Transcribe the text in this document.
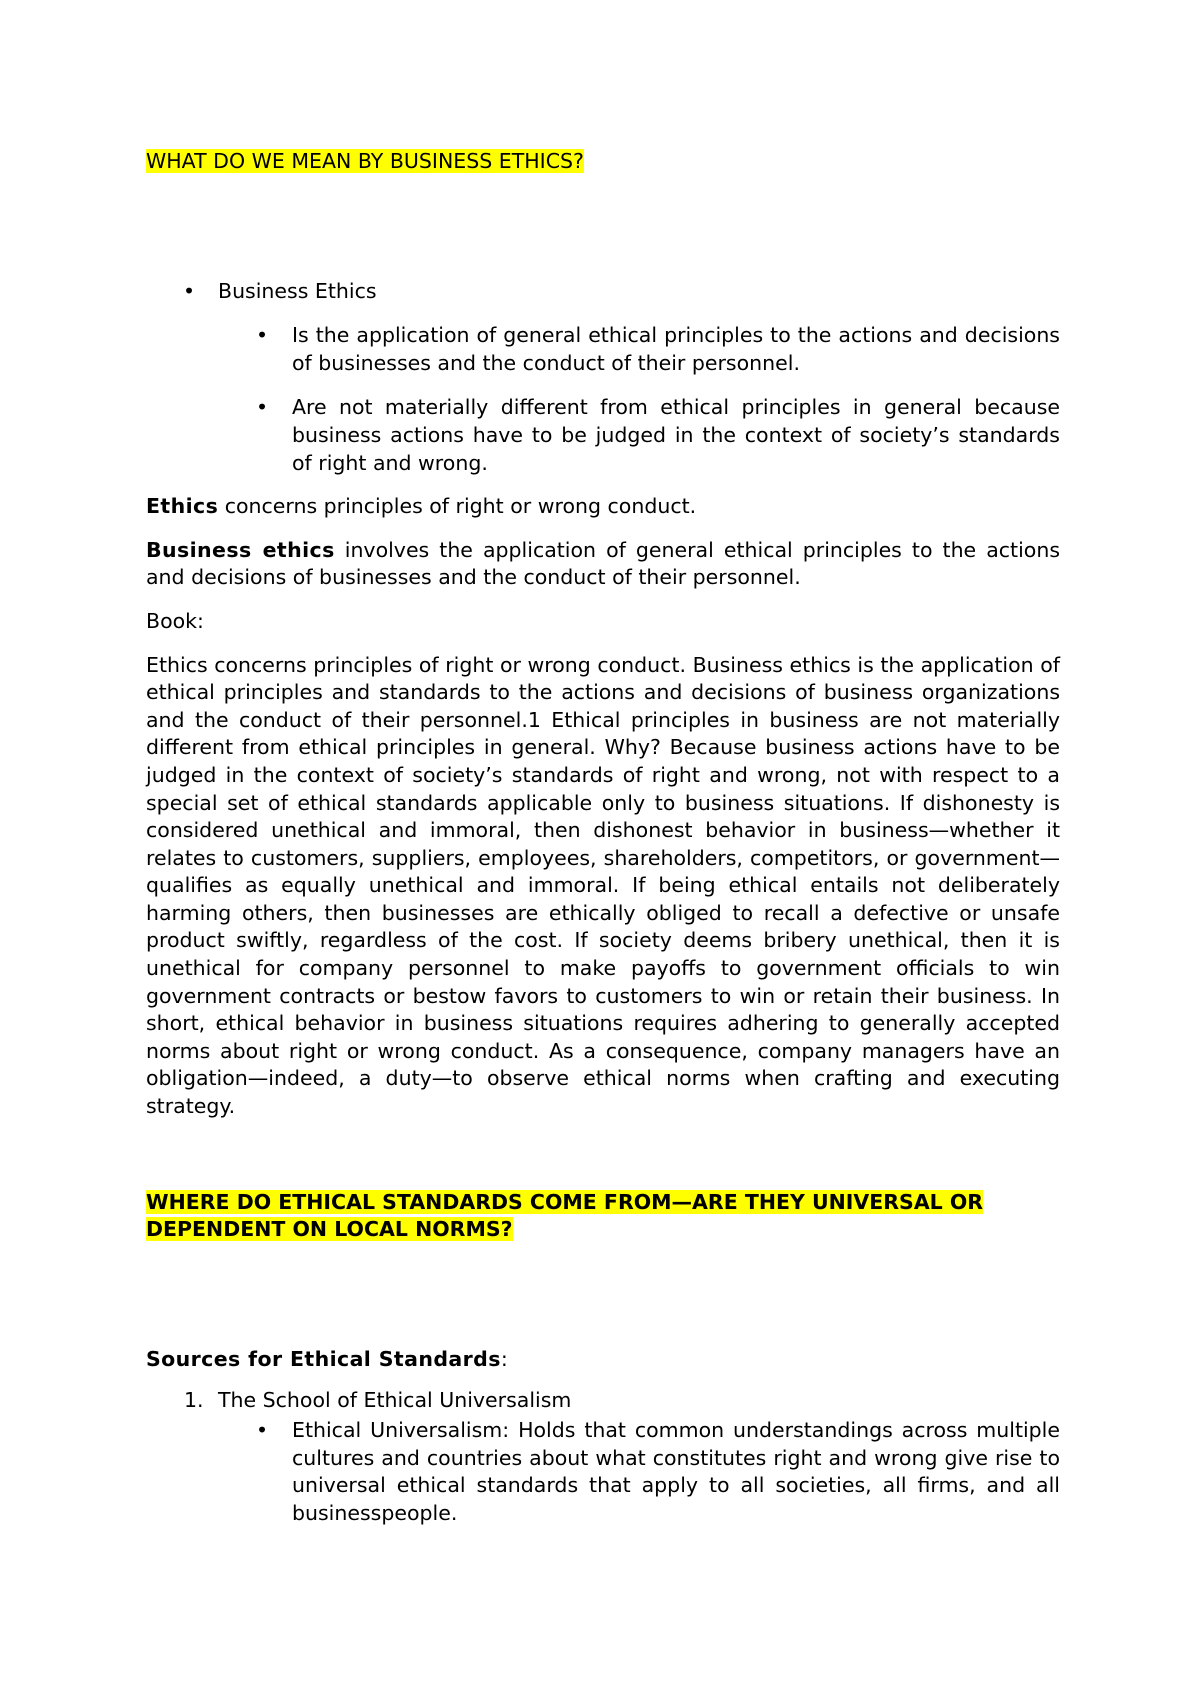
WHAT DO WE MEAN BY BUSINESS ETHICS?

• Business Ethics
• Is the application of general ethical principles to the actions and decisions of businesses and the conduct of their personnel.
• Are not materially different from ethical principles in general because business actions have to be judged in the context of society’s standards of right and wrong.

Ethics concerns principles of right or wrong conduct.

Business ethics involves the application of general ethical principles to the actions and decisions of businesses and the conduct of their personnel.

Book:

Ethics concerns principles of right or wrong conduct. Business ethics is the application of ethical principles and standards to the actions and decisions of business organizations and the conduct of their personnel.1 Ethical principles in business are not materially different from ethical principles in general. Why? Because business actions have to be judged in the context of society’s standards of right and wrong, not with respect to a special set of ethical standards applicable only to business situations. If dishonesty is considered unethical and immoral, then dishonest behavior in business—whether it relates to customers, suppliers, employees, shareholders, competitors, or government—qualifies as equally unethical and immoral. If being ethical entails not deliberately harming others, then businesses are ethically obliged to recall a defective or unsafe product swiftly, regardless of the cost. If society deems bribery unethical, then it is unethical for company personnel to make payoffs to government officials to win government contracts or bestow favors to customers to win or retain their business. In short, ethical behavior in business situations requires adhering to generally accepted norms about right or wrong conduct. As a consequence, company managers have an obligation—indeed, a duty—to observe ethical norms when crafting and executing strategy.

WHERE DO ETHICAL STANDARDS COME FROM—ARE THEY UNIVERSAL OR DEPENDENT ON LOCAL NORMS?

Sources for Ethical Standards:

1. The School of Ethical Universalism
• Ethical Universalism: Holds that common understandings across multiple cultures and countries about what constitutes right and wrong give rise to universal ethical standards that apply to all societies, all firms, and all businesspeople.
